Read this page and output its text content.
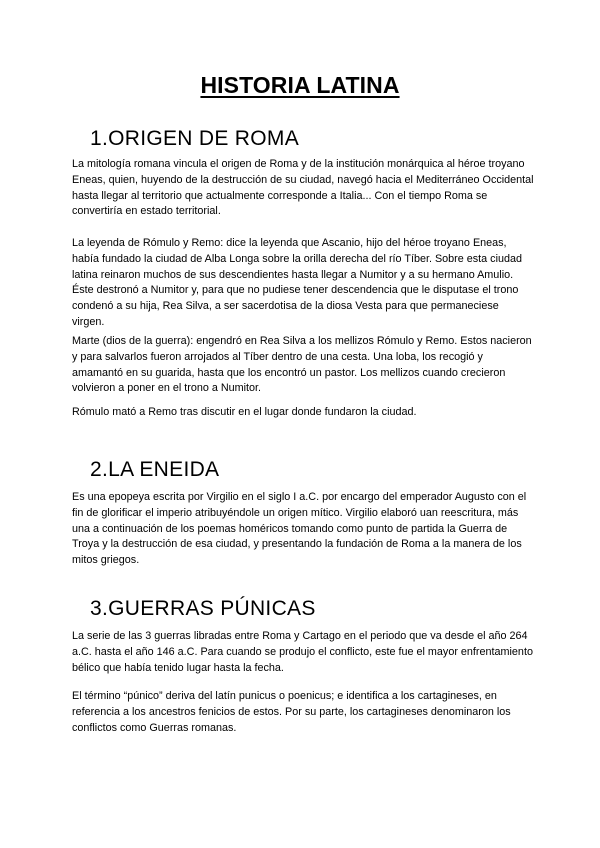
HISTORIA LATINA
1.ORIGEN DE ROMA

La mitología romana vincula el origen de Roma y de la institución monárquica al héroe troyano Eneas, quien, huyendo de la destrucción de su ciudad, navegó hacia el Mediterráneo Occidental hasta llegar al territorio que actualmente corresponde a Italia... Con el tiempo Roma se convertiría en estado territorial.

La leyenda de Rómulo y Remo: dice la leyenda que Ascanio, hijo del héroe troyano Eneas, había fundado la ciudad de Alba Longa sobre la orilla derecha del río Tíber. Sobre esta ciudad latina reinaron muchos de sus descendientes hasta llegar a Numitor y a su hermano Amulio. Éste destronó a Numitor y, para que no pudiese tener descendencia que le disputase el trono condenó a su hija, Rea Silva, a ser sacerdotisa de la diosa Vesta para que permaneciese virgen.

Marte (dios de la guerra): engendró en Rea Silva a los mellizos Rómulo y Remo. Estos nacieron y para salvarlos fueron arrojados al Tíber dentro de una cesta. Una loba, los recogió y amamantó en su guarida, hasta que los encontró un pastor. Los mellizos cuando crecieron volvieron a poner en el trono a Numitor.

Rómulo mató a Remo tras discutir en el lugar donde fundaron la ciudad.

2.LA ENEIDA

Es una epopeya escrita por Virgilio en el siglo I a.C. por encargo del emperador Augusto con el fin de glorificar el imperio atribuyéndole un origen mítico. Virgilio elaboró uan reescritura, más una a continuación de los poemas homéricos tomando como punto de partida la Guerra de Troya y la destrucción de esa ciudad, y presentando la fundación de Roma a la manera de los mitos griegos.

3.GUERRAS PÚNICAS

La serie de las 3 guerras libradas entre Roma y Cartago en el periodo que va desde el año 264 a.C. hasta el año 146 a.C. Para cuando se produjo el conflicto, este fue el mayor enfrentamiento bélico que había tenido lugar hasta la fecha.

El término “púnico” deriva del latín punicus o poenicus; e identifica a los cartagineses, en referencia a los ancestros fenicios de estos. Por su parte, los cartagineses denominaron los conflictos como Guerras romanas.
